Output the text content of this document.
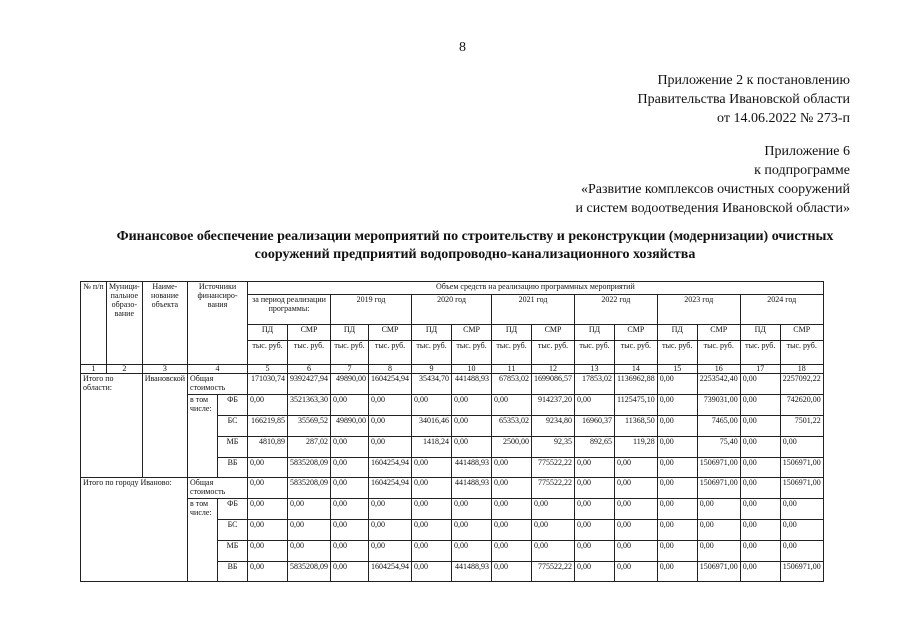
8
Приложение 2 к постановлению
Правительства Ивановской области
от 14.06.2022 № 273-п
Приложение 6
к подпрограмме
«Развитие комплексов очистных сооружений
и систем водоотведения Ивановской области»
Финансовое обеспечение реализации мероприятий по строительству и реконструкции (модернизации) очистных
сооружений предприятий водопроводно-канализационного хозяйства
№ п/п	Муници-пальное образо-вание	Наиме-нование объекта	Источники финансиро-вания		Объем средств на реализацию программных мероприятий													
					за период реализации программы:		2019 год		2020 год		2021 год		2022 год		2023 год		2024 год	
					ПД	СМР	ПД	СМР	ПД	СМР	ПД	СМР	ПД	СМР	ПД	СМР	ПД	СМР
					тыс. руб.	тыс. руб.	тыс. руб.	тыс. руб.	тыс. руб.	тыс. руб.	тыс. руб.	тыс. руб.	тыс. руб.	тыс. руб.	тыс. руб.	тыс. руб.	тыс. руб.	тыс. руб.
1	2	3	4		5	6	7	8	9	10	11	12	13	14	15	16	17	18
Итого по области:		Ивановской	Общая стоимость		171030,74	9392427,94	49890,00	1604254,94	35434,70	441488,93	67853,02	1699086,57	17853,02	1136962,88	0,00	2253542,40	0,00	2257092,22
			в том числе:	ФБ	0,00	3521363,30	0,00	0,00	0,00	0,00	0,00	914237,20	0,00	1125475,10	0,00	739031,00	0,00	742620,00
				БС	166219,85	35569,52	49890,00	0,00	34016,46	0,00	65353,02	9234,80	16960,37	11368,50	0,00	7465,00	0,00	7501,22
				МБ	4810,89	287,02	0,00	0,00	1418,24	0,00	2500,00	92,35	892,65	119,28	0,00	75,40	0,00	0,00
				ВБ	0,00	5835208,09	0,00	1604254,94	0,00	441488,93	0,00	775522,22	0,00	0,00	0,00	1506971,00	0,00	1506971,00
Итого по городу Иваново:			Общая стоимость		0,00	5835208,09	0,00	1604254,94	0,00	441488,93	0,00	775522,22	0,00	0,00	0,00	1506971,00	0,00	1506971,00
			в том числе:	ФБ	0,00	0,00	0,00	0,00	0,00	0,00	0,00	0,00	0,00	0,00	0,00	0,00	0,00	0,00
				БС	0,00	0,00	0,00	0,00	0,00	0,00	0,00	0,00	0,00	0,00	0,00	0,00	0,00	0,00
				МБ	0,00	0,00	0,00	0,00	0,00	0,00	0,00	0,00	0,00	0,00	0,00	0,00	0,00	0,00
				ВБ	0,00	5835208,09	0,00	1604254,94	0,00	441488,93	0,00	775522,22	0,00	0,00	0,00	1506971,00	0,00	1506971,00
